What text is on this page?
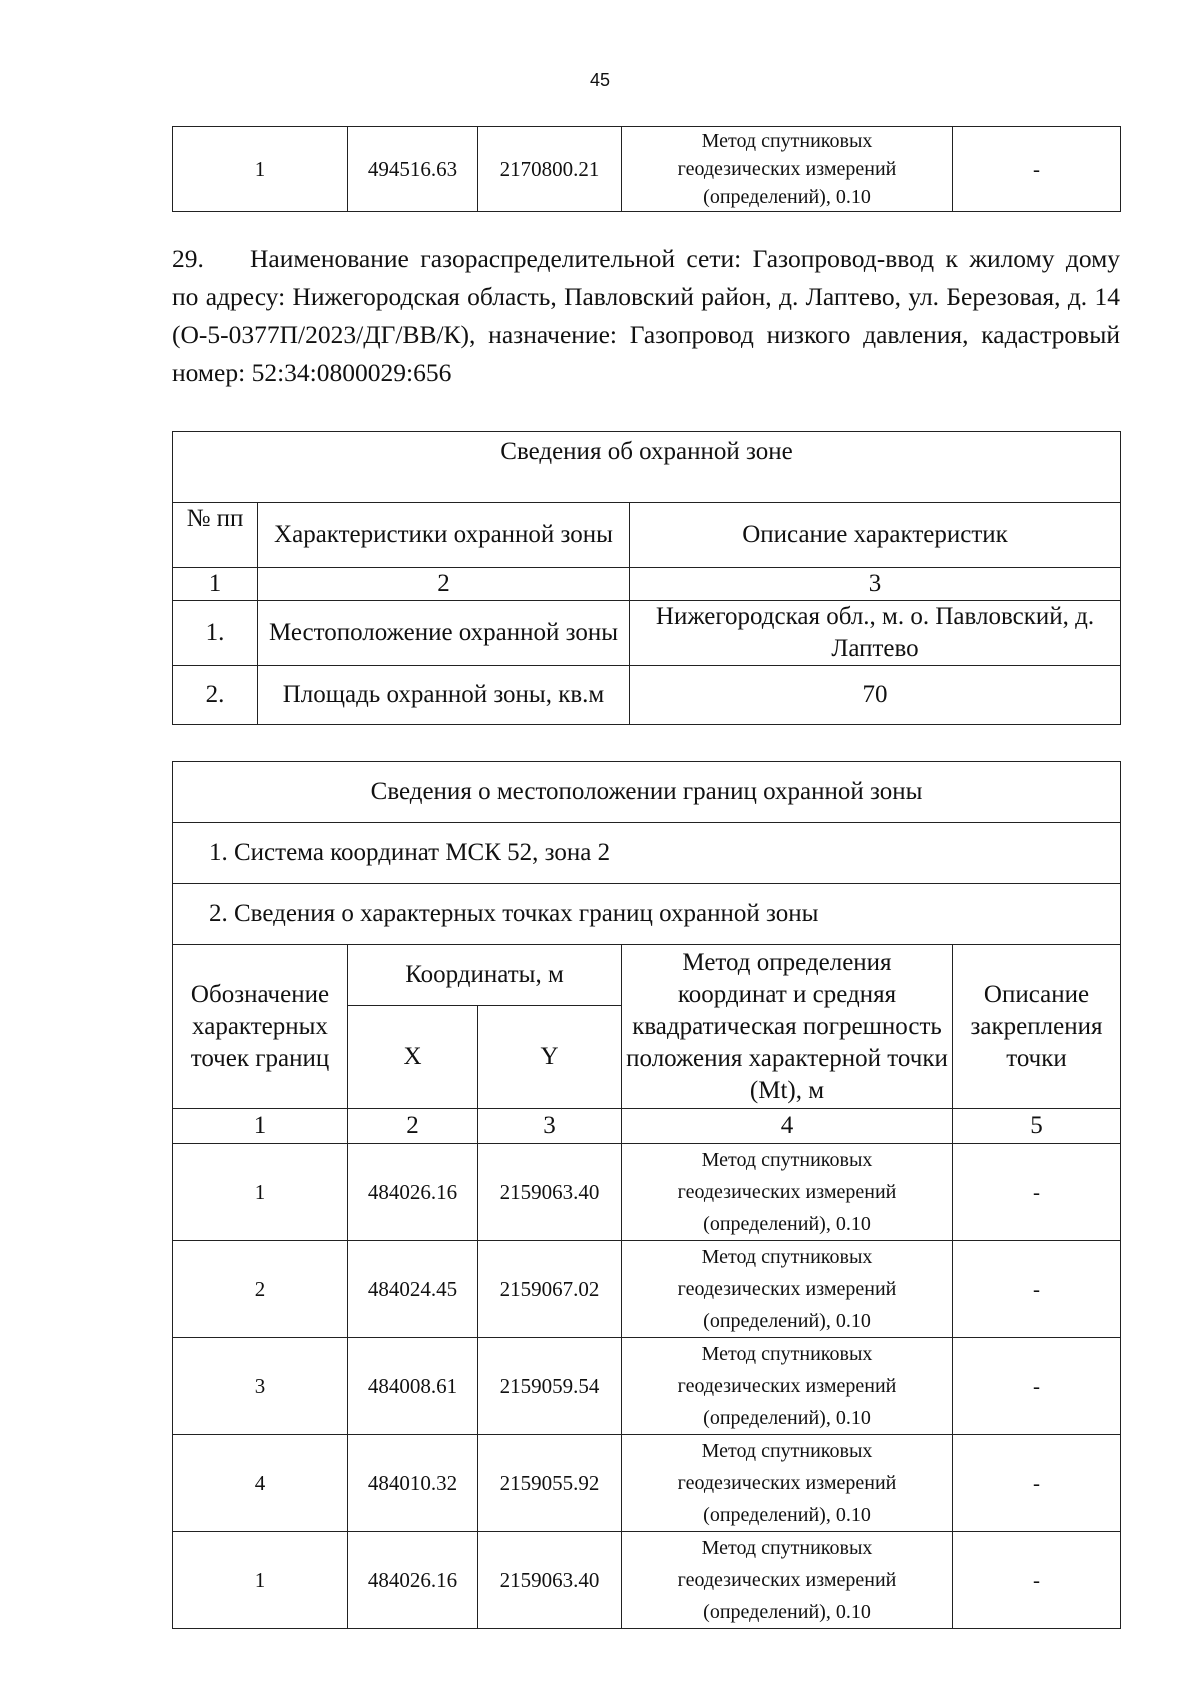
45
1	494516.63	2170800.21	
Метод спутниковых
геодезических измерений
(определений), 0.10
	-

29. Наименование газораспределительной сети: Газопровод-ввод к жилому дому по адресу: Нижегородская область, Павловский район, д. Лаптево, ул. Березовая, д. 14 (О-5-0377П/2023/ДГ/ВВ/К), назначение: Газопровод низкого давления, кадастровый номер: 52:34:0800029:656

Сведения об охранной зоне		
№ пп	Характеристики охранной зоны	Описание характеристик
1	2	3
1.	Местоположение охранной зоны	Нижегородская обл., м. о. Павловский, д. Лаптево
2.	Площадь охранной зоны, кв.м	70
Сведения о местоположении границ охранной зоны				
1. Система координат МСК 52, зона 2				
2. Сведения о характерных точках границ охранной зоны				
Обозначение характерных точек границ	Координаты, м		Метод определения координат и средняя квадратическая погрешность положения характерной точки (Mt), м	Описание закрепления точки
	X	Y		
1	2	3	4	5
1	484026.16	2159063.40	Метод спутниковых
геодезических измерений
(определений), 0.10	-
2	484024.45	2159067.02	Метод спутниковых
геодезических измерений
(определений), 0.10	-
3	484008.61	2159059.54	Метод спутниковых
геодезических измерений
(определений), 0.10	-
4	484010.32	2159055.92	Метод спутниковых
геодезических измерений
(определений), 0.10	-
1	484026.16	2159063.40	Метод спутниковых
геодезических измерений
(определений), 0.10	-
